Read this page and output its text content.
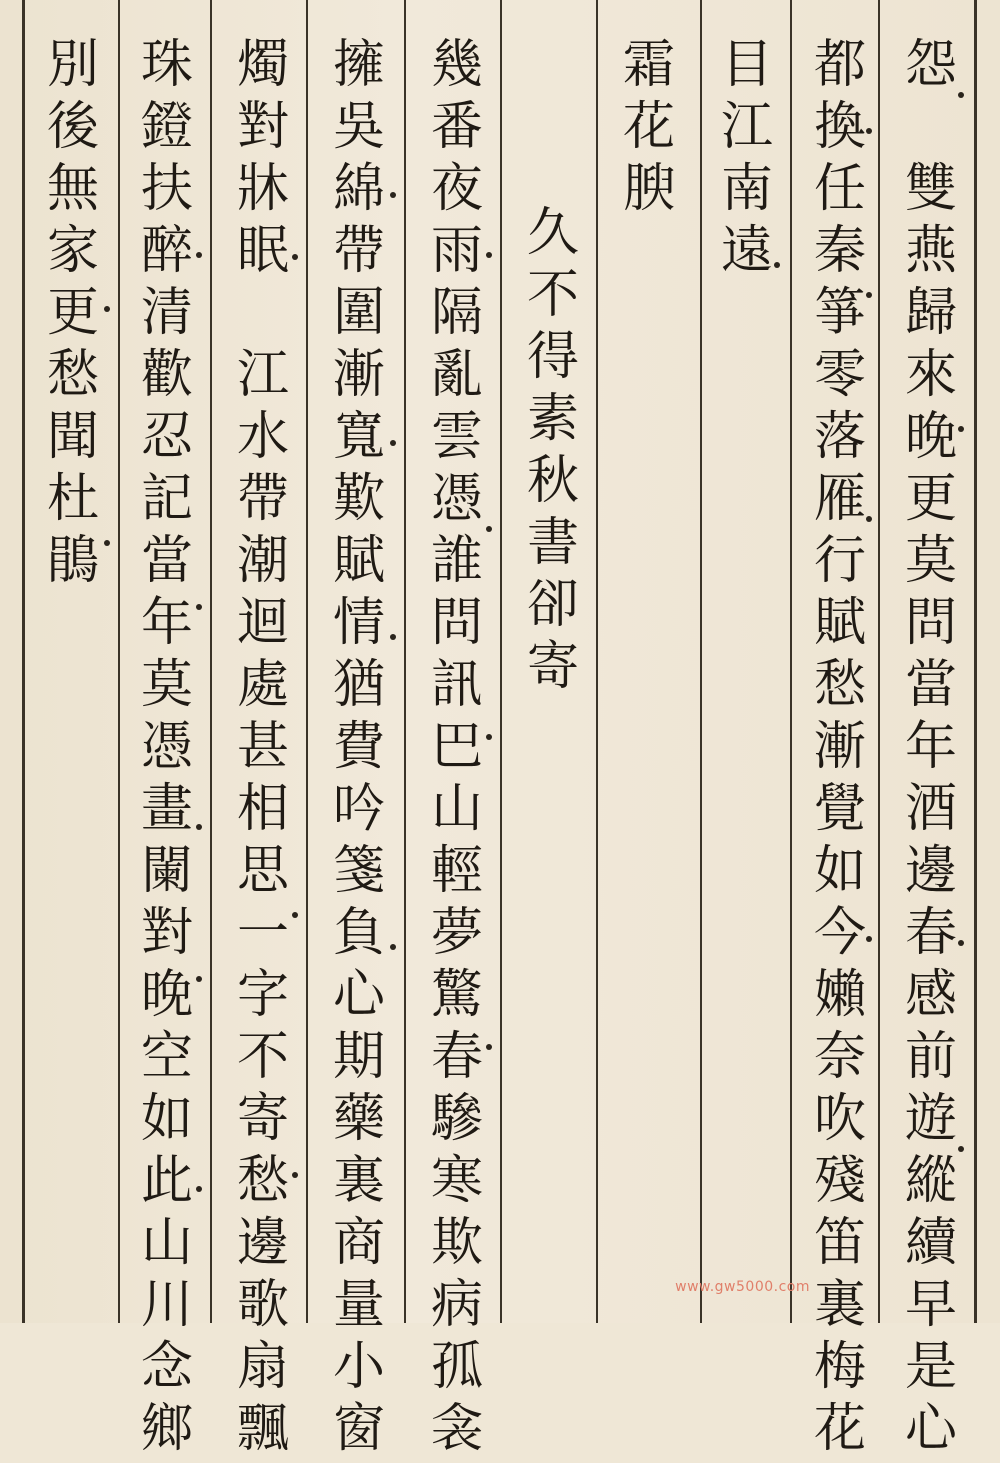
怨

雙
燕
歸
來
晚
更
莫
問
當
年
酒
邊
春
感
前
遊
縱
續
早
是
心
都
換
任
秦
箏
零
落
雁
行
賦
愁
漸
覺
如
今
嬾
奈
吹
殘
笛
裏
梅
花
目
江
南
遠
霜
花
腴

久
不
得
素
秋
書
卻
寄
幾
番
夜
雨
隔
亂
雲
憑
誰
問
訊
巴
山
輕
夢
驚
春
驂
寒
欺
病
孤
衾
擁
吳
綿
帶
圍
漸
寬
歎
賦
情
猶
費
吟
箋
負
心
期
藥
裏
商
量
小
窗
燭
對
牀
眠

江
水
帶
潮
迴
處
甚
相
思
一
字
不
寄
愁
邊
歌
扇
飄
珠
鐙
扶
醉
清
歡
忍
記
當
年
莫
憑
畫
闌
對
晚
空
如
此
山
川
念
鄉
別
後
無
家
更
愁
聞
杜
鵑
www.gw5000.com
